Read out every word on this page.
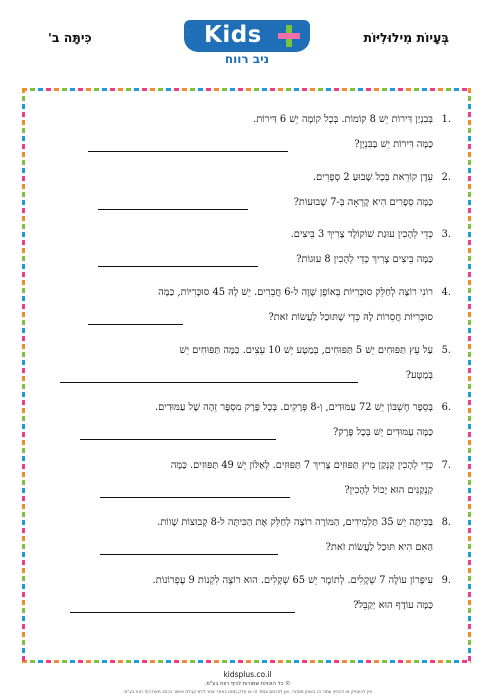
בְּעָיוֹת מִילוּלִיּוֹת
Kids
ניב רווח
כִּיתָּה ב'
1.
בְּבִנְיַן דִּירוֹת יֵשׁ 8 קוֹמוֹת. בְּכָל קוֹמָה יֵשׁ 6 דִּירוֹת.
כַּמָּה דִּירוֹת יֵשׁ בַּבִּנְיָן?
2.
עֵדֶן קוֹרֵאת בְּכָל שָׁבוּעַ 2 סְפָרִים.
כַּמָּה סְפָרִים הִיא קָרְאָה בְּ-7 שָׁבוּעוֹת?
3.
כְּדֵי לְהָכִין עוּגַת שׁוֹקוֹלָד צָרִיךְ 3 בֵּיצִים.
כַּמָּה בֵּיצִים צָרִיךְ כְּדֵי לְהָכִין 8 עוּגוֹת?
4.
רוֹנִי רוֹצָה לְחַלֵּק סוּכָּרִיּוֹת בְּאוֹפֶן שָׁוֶה ל-6 חֲבֵרִים. יֵשׁ לָהּ 45 סוּכָּרִיּוֹת, כַּמָּה
סוּכָּרִיּוֹת חֲסֵרוֹת לָהּ כְּדֵי שֶׁתּוּכַל לַעֲשׂוֹת זֹאת?
5.
עַל עֵץ תַּפּוּחִים יֵשׁ 5 תַּפּוּחִים, בְּמַטָּע יֵשׁ 10 עֵצִים. כַּמָּה תַּפּוּחִים יֵשׁ
בְּמַטָּע?
6.
בְּסֵפֶר חֶשְׁבּוֹן יֵשׁ 72 עַמּוּדִים, וְ-8 פְּרָקִים. בְּכָל פֶּרֶק מִסְפָּר זֵהֶה שֶׁל עַמּוּדִים.
כַּמָּה עַמּוּדִים יֵשׁ בְּכָל פֶּרֶק?
7.
כְּדֵי לְהָכִין קַנְקַן מִיץ תַּפּוּזִים צָרִיךְ 7 תַּפּוּזִים. לְאַלּוֹן יֵשׁ 49 תַּפּוּזִים. כַּמָּה
קַנְקַנִּים הוּא יָכוֹל לְהָכִין?
8.
בַּכִּיתָּה יֵשׁ 35 תַּלְמִידִים, הַמּוֹרָה רוֹצָה לְחַלֵּק אֶת הַכִּיתָּה ל-8 קְבוּצוֹת שָׁווֹת.
הַאִם הִיא תּוּכַל לַעֲשׂוֹת זֹאת?
9.
עִיפָּרוֹן עוֹלֶה 7 שְׁקָלִים. לְתוֹמֶר יֵשׁ 65 שְׁקָלִים. הוּא רוֹצֶה לִקְנוֹת 9 עֶפְרוֹנוֹת.
כַּמָּה עוֹדֶף הוּא יְקַבֵּל?
kidsplus.co.il
© כל הזכויות שמורות לכיף רווח בע"מ.
אין להעתיק או להפיץ עמוד זה באופן מסחרי, אין לפרסם עמוד זה או חלק ממנו באתר אחר ללא קבלת אישור בכתב מאת כיף רווח בע"מ.
